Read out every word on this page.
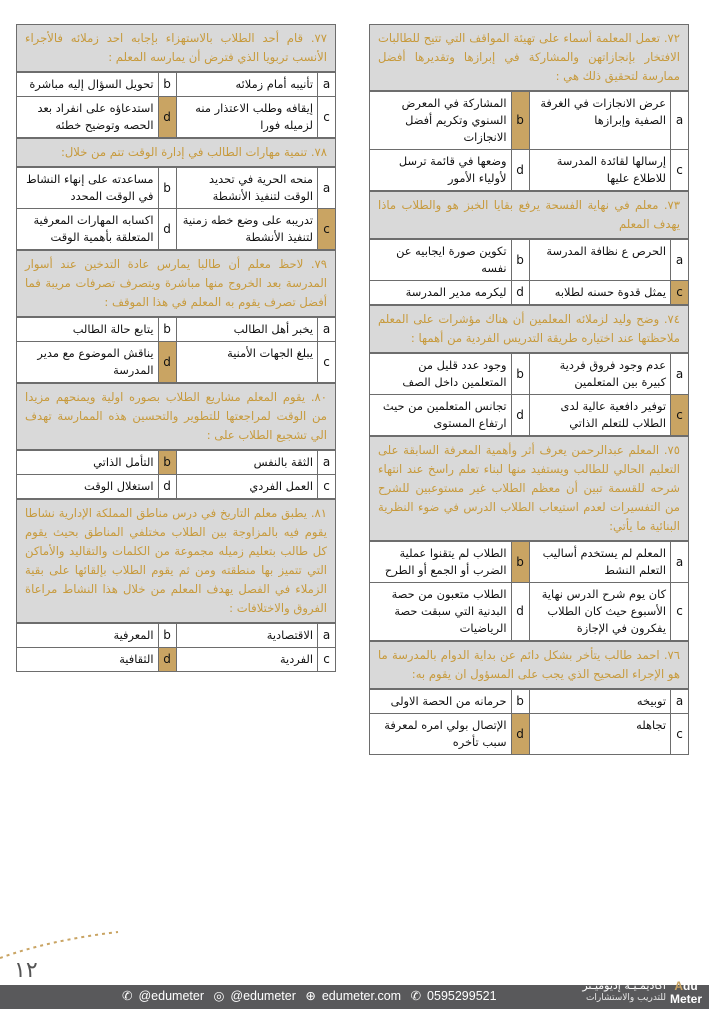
٧٢. تعمل المعلمة أسماء على تهيئة المواقف التي تتيح للطالبات الافتخار بإنجازاتهن والمشاركة في إبرازها وتقديرها أفضل ممارسة لتحقيق ذلك هي :
a	عرض الانجازات في الغرفة الصفية وإبرازها	b	المشاركة في المعرض السنوي وتكريم أفضل الانجازات
c	إرسالها لقائدة المدرسة للاطلاع عليها	d	وضعها في قائمة ترسل لأولياء الأمور
٧٣. معلم في نهاية الفسحة يرفع بقايا الخبز هو والطلاب ماذا يهدف المعلم
a	الحرص ع نظافة المدرسة	b	تكوين صورة ايجابيه عن نفسه
c	يمثل قدوة حسنه لطلابه	d	ليكرمه مدير المدرسة
٧٤. وضح وليد لزملائه المعلمين أن هناك مؤشرات على المعلم ملاحظتها عند اختياره طريقة التدريس الفردية من أهمها :
a	عدم وجود فروق فردية كبيرة بين المتعلمين	b	وجود عدد قليل من المتعلمين داخل الصف
c	توفير دافعية عالية لدى الطلاب للتعلم الذاتي	d	تجانس المتعلمين من حيث ارتفاع المستوى
٧٥. المعلم عبدالرحمن يعرف أثر وأهمية المعرفة السابقة على التعليم الحالي للطالب ويستفيد منها لبناء تعلم راسخ عند انتهاء شرحه للقسمة تبين أن معظم الطلاب غير مستوعبين للشرح من التفسيرات لعدم استيعاب الطلاب الدرس في ضوء النظرية البنائية ما يأتي:
a	المعلم لم يستخدم أساليب التعلم النشط	b	الطلاب لم يتقنوا عملية الضرب أو الجمع أو الطرح
c	كان يوم شرح الدرس نهاية الأسبوع حيث كان الطلاب يفكرون في الإجازة	d	الطلاب متعبون من حصة البدنية التي سبقت حصة الرياضيات
٧٦. احمد طالب يتأخر بشكل دائم عن بداية الدوام بالمدرسة ما هو الإجراء الصحيح الذي يجب على المسؤول ان يقوم به:
a	توبيخه	b	حرمانه من الحصة الاولى
c	تجاهله	d	الإتصال بولي امره لمعرفة سبب تأخره
٧٧. قام أحد الطلاب بالاستهزاء بإجابه احد زملائه فالأجراء الأنسب تربويا الذي فترض أن يمارسه المعلم :
a	تأنيبه أمام زملائه	b	تحويل السؤال إليه مباشرة
c	إيقافه وطلب الاعتذار منه لزميله فورا	d	استدعاؤه على انفراد بعد الحصه وتوضيح خطئه
٧٨. تنمية مهارات الطالب في إدارة الوقت تتم من خلال:
a	منحه الحرية في تحديد الوقت لتنفيذ الأنشطة	b	مساعدته على إنهاء النشاط في الوقت المحدد
c	تدريبه على وضع خطه زمنية لتنفيذ الأنشطة	d	اكسابه المهارات المعرفية المتعلقة بأهمية الوقت
٧٩. لاحظ معلم أن طالبا يمارس عادة التدخين عند أسوار المدرسة بعد الخروج منها مباشرة ويتصرف تصرفات مريبة فما أفضل تصرف يقوم به المعلم في هذا الموقف :
a	يخبر أهل الطالب	b	يتابع حالة الطالب
c	يبلغ الجهات الأمنية	d	يناقش الموضوع مع مدير المدرسة
٨٠. يقوم المعلم مشاريع الطلاب بصوره اولية ويمنحهم مزيدا من الوقت لمراجعتها للتطوير والتحسين هذه الممارسة تهدف الي تشجيع الطلاب على :
a	الثقة بالنفس	b	التأمل الذاتي
c	العمل الفردي	d	استغلال الوقت
٨١. يطبق معلم التاريخ في درس مناطق المملكة الإدارية نشاطا يقوم فيه بالمزاوجة بين الطلاب مختلفي المناطق بحيث يقوم كل طالب بتعليم زميله مجموعة من الكلمات والتقاليد والأماكن التي تتميز بها منطقته ومن ثم يقوم الطلاب بإلقائها على بقية الزملاء في الفصل يهدف المعلم من خلال هذا النشاط مراعاة الفروق والاختلافات :
a	الاقتصادية	b	المعرفية
c	الفردية	d	الثقافية
١٢
✆ @edumeter ◎ @edumeter ⊕ edumeter.com ✆ 0595299521
أكاديمـيـة إديوميـتر
للتدريب والاستشارات
Adu
Meter
